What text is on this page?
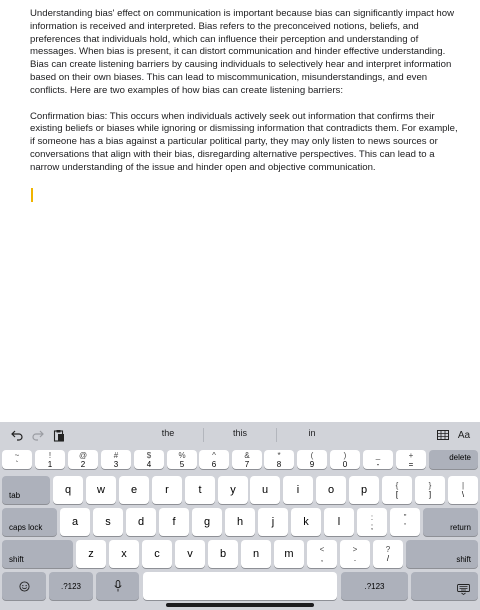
Understanding bias' effect on communication is important because bias can significantly impact how information is received and interpreted. Bias refers to the preconceived notions, beliefs, and preferences that individuals hold, which can influence their perception and understanding of messages. When bias is present, it can distort communication and hinder effective understanding. Bias can create listening barriers by causing individuals to selectively hear and interpret information based on their own biases. This can lead to miscommunication, misunderstandings, and even conflicts. Here are two examples of how bias can create listening barriers:

Confirmation bias: This occurs when individuals actively seek out information that confirms their existing beliefs or biases while ignoring or dismissing information that contradicts them. For example, if someone has a bias against a particular political party, they may only listen to news sources or conversations that align with their bias, disregarding alternative perspectives. This can lead to a narrow understanding of the issue and hinder open and objective communication.

the	this	in	Aa
~
`
!
1
@
2
#
3
$
4
%
5
^
6
&
7
*
8
(
9
)
0
_
-
+
=
delete
tab	q	w	e	r	t	y	u	i	o	p	{
[
}
]
|
\
caps lock	a	s	d	f	g	h	j	k	l	:
;
"
'	return
shift	z	x	c	v	b	n	m	<
,
>
.
?
/	shift
.?123	.?123
